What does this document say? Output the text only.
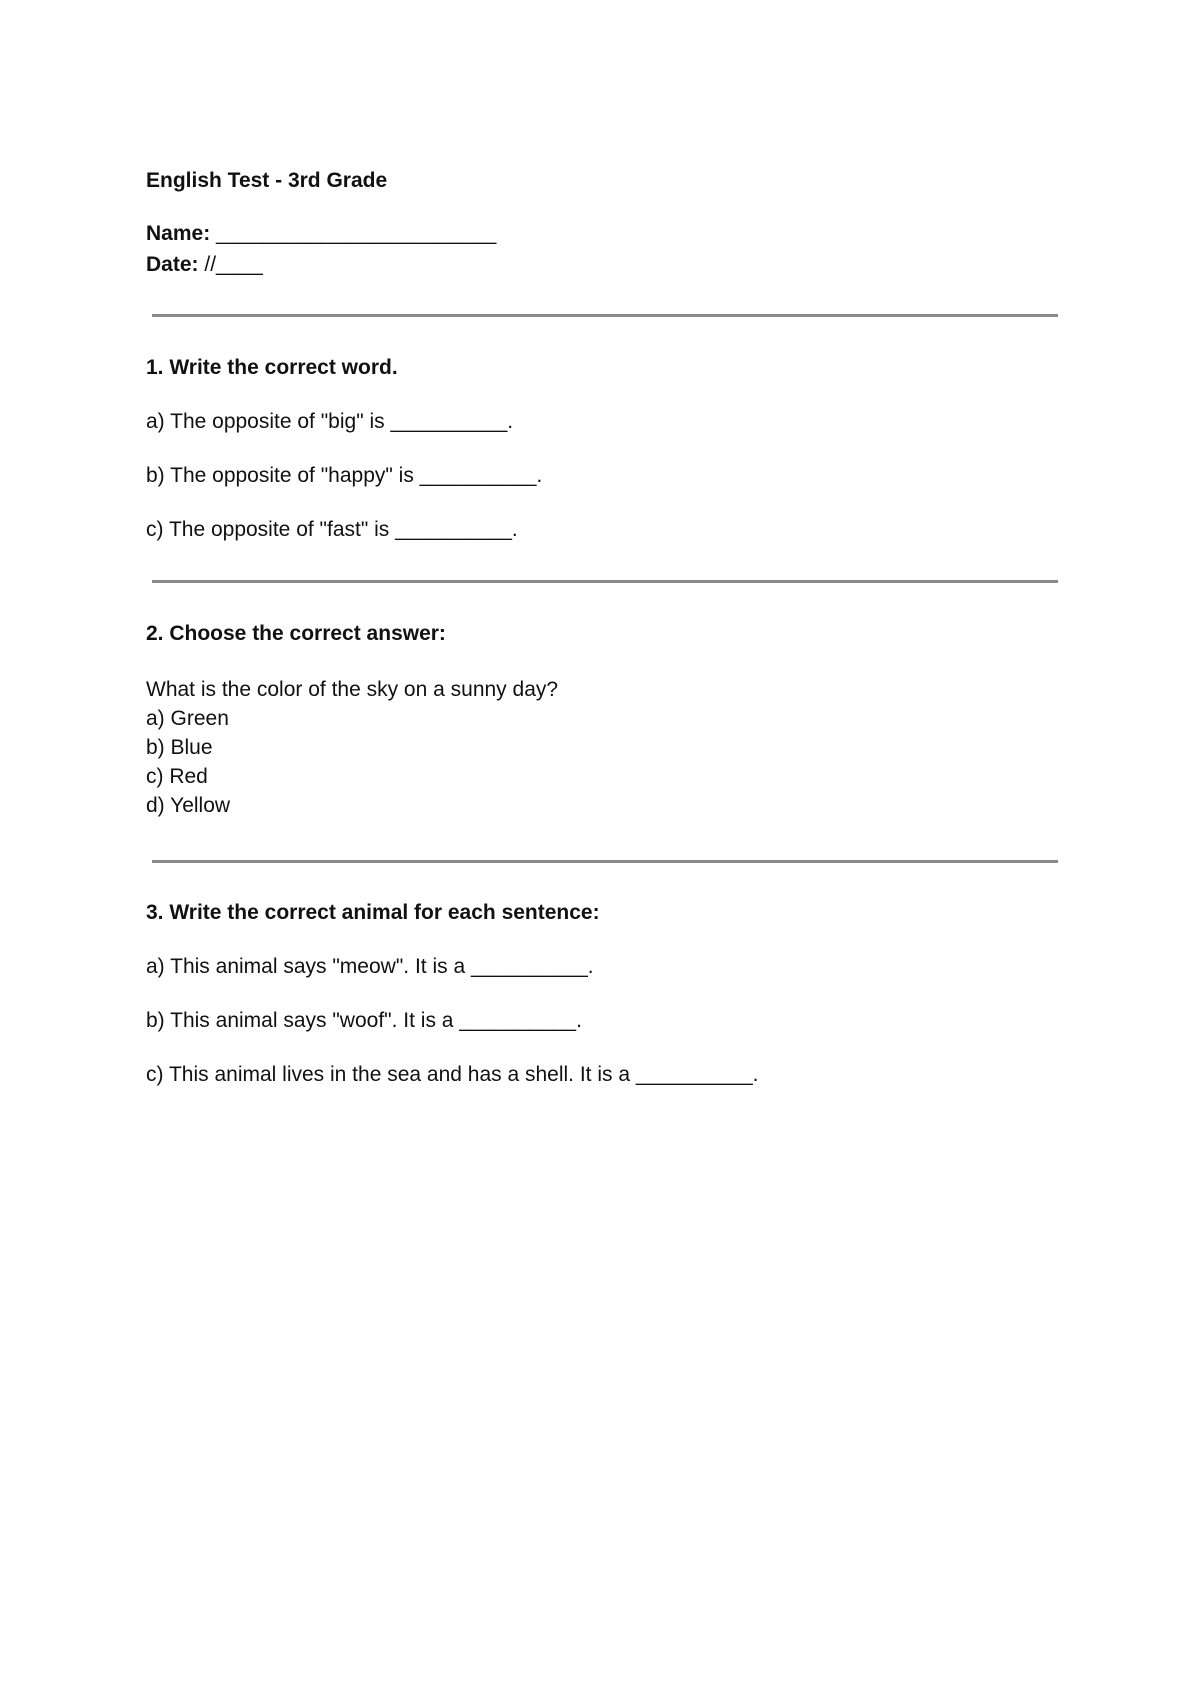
English Test - 3rd Grade
Name: ________________________
Date: //____
1. Write the correct word.

a) The opposite of "big" is __________.

b) The opposite of "happy" is __________.

c) The opposite of "fast" is __________.

2. Choose the correct answer:

What is the color of the sky on a sunny day?

a) Green

b) Blue

c) Red

d) Yellow

3. Write the correct animal for each sentence:

a) This animal says "meow". It is a __________.

b) This animal says "woof". It is a __________.

c) This animal lives in the sea and has a shell. It is a __________.
